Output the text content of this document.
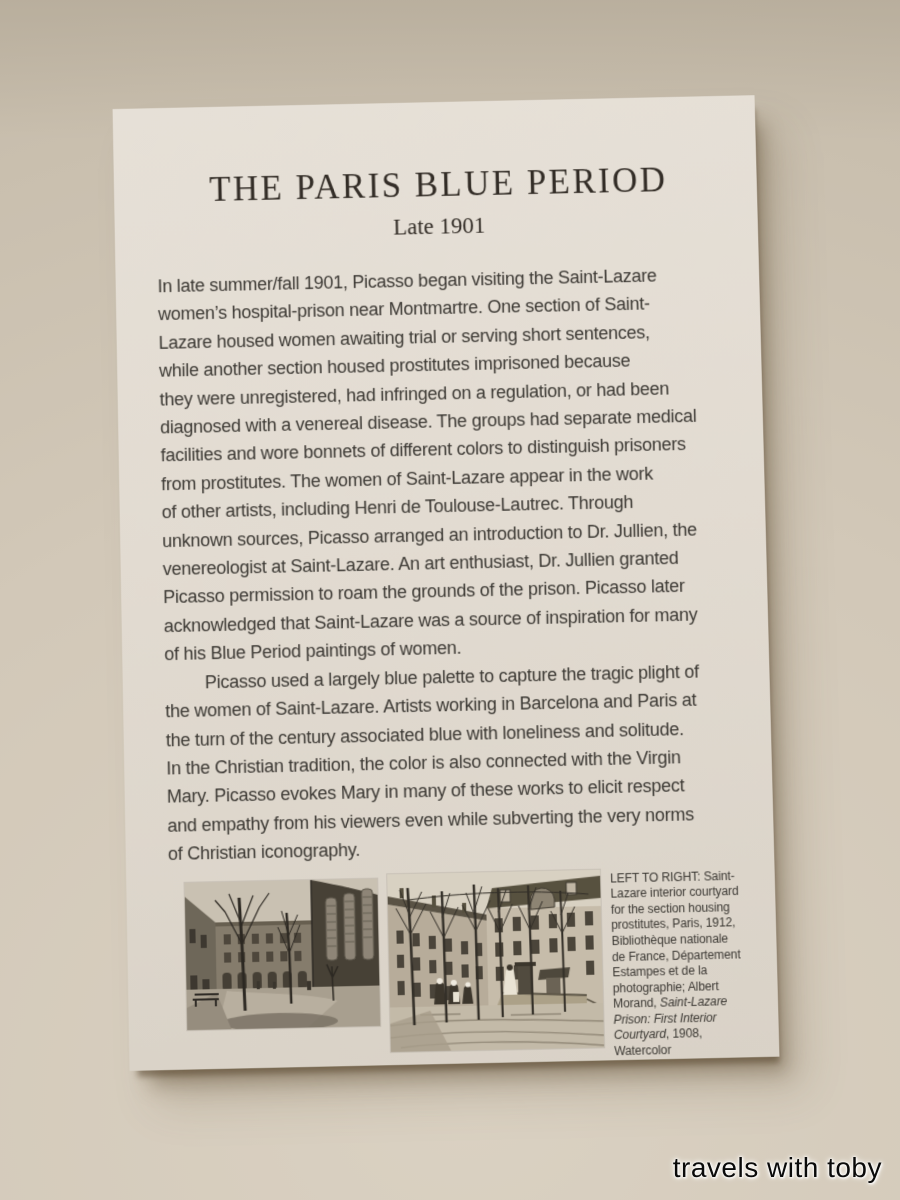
THE PARIS BLUE PERIOD
Late 1901
In late summer/fall 1901, Picasso began visiting the Saint-Lazare
women’s hospital-prison near Montmartre. One section of Saint-
Lazare housed women awaiting trial or serving short sentences,
while another section housed prostitutes imprisoned because
they were unregistered, had infringed on a regulation, or had been
diagnosed with a venereal disease. The groups had separate medical
facilities and wore bonnets of different colors to distinguish prisoners
from prostitutes. The women of Saint-Lazare appear in the work
of other artists, including Henri de Toulouse-Lautrec. Through
unknown sources, Picasso arranged an introduction to Dr. Jullien, the
venereologist at Saint-Lazare. An art enthusiast, Dr. Jullien granted
Picasso permission to roam the grounds of the prison. Picasso later
acknowledged that Saint-Lazare was a source of inspiration for many
of his Blue Period paintings of women.
Picasso used a largely blue palette to capture the tragic plight of
the women of Saint-Lazare. Artists working in Barcelona and Paris at
the turn of the century associated blue with loneliness and solitude.
In the Christian tradition, the color is also connected with the Virgin
Mary. Picasso evokes Mary in many of these works to elicit respect
and empathy from his viewers even while subverting the very norms
of Christian iconography.
LEFT TO RIGHT: Saint-
Lazare interior courtyard
for the section housing
prostitutes, Paris, 1912,
Bibliothèque nationale
de France, Département
Estampes et de la
photographie; Albert
Morand, Saint-Lazare
Prison: First Interior
Courtyard, 1908,
Watercolor
travels with toby
